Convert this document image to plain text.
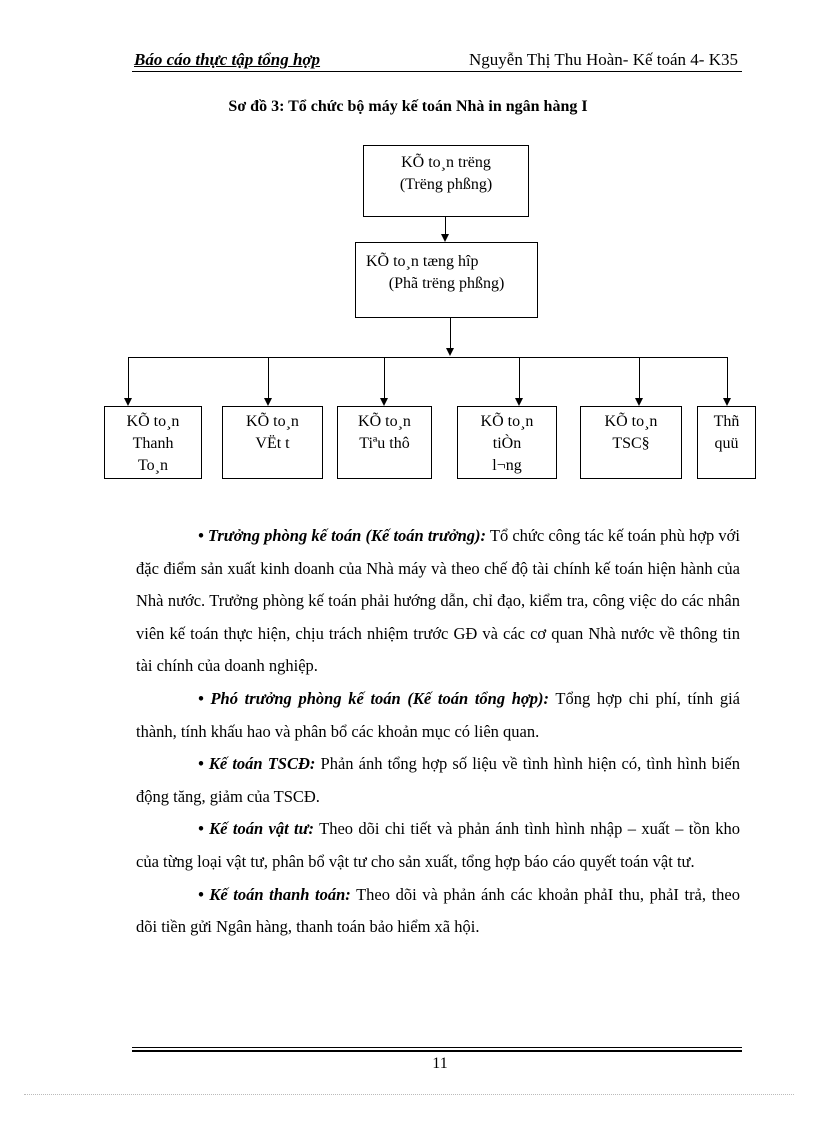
Báo cáo thực tập tổng hợp	Nguyễn Thị Thu Hoàn- Kế toán 4- K35
Sơ đồ 3: Tổ chức bộ máy kế toán Nhà in ngân hàng I
KÕ to¸n trëng
(Trëng phßng)
KÕ to¸n tæng hîp
(Phã trëng phßng)
KÕ to¸n
Thanh
To¸n
KÕ to¸n
VËt t
KÕ to¸n
Tiªu thô
KÕ to¸n
tiÒn
l¬ng
KÕ to¸n
TSC§
Thñ
quü

• Trưởng phòng kế toán (Kế toán trưởng): Tổ chức công tác kế toán phù hợp với đặc điểm sản xuất kinh doanh của Nhà máy và theo chế độ tài chính kế toán hiện hành của Nhà nước. Trưởng phòng kế toán phải hướng dẫn, chỉ đạo, kiểm tra, công việc do các nhân viên kế toán thực hiện, chịu trách nhiệm trước GĐ và các cơ quan Nhà nước về thông tin tài chính của doanh nghiệp.

• Phó trưởng phòng kế toán (Kế toán tổng hợp): Tổng hợp chi phí, tính giá thành, tính khấu hao và phân bổ các khoản mục có liên quan.

• Kế toán TSCĐ: Phản ánh tổng hợp số liệu về tình hình hiện có, tình hình biến động tăng, giảm của TSCĐ.

• Kế toán vật tư: Theo dõi chi tiết và phản ánh tình hình nhập – xuất – tồn kho của từng loại vật tư, phân bổ vật tư cho sản xuất, tổng hợp báo cáo quyết toán vật tư.

• Kế toán thanh toán: Theo dõi và phản ánh các khoản phảI thu, phảI trả, theo dõi tiền gửi Ngân hàng, thanh toán bảo hiểm xã hội.

11
